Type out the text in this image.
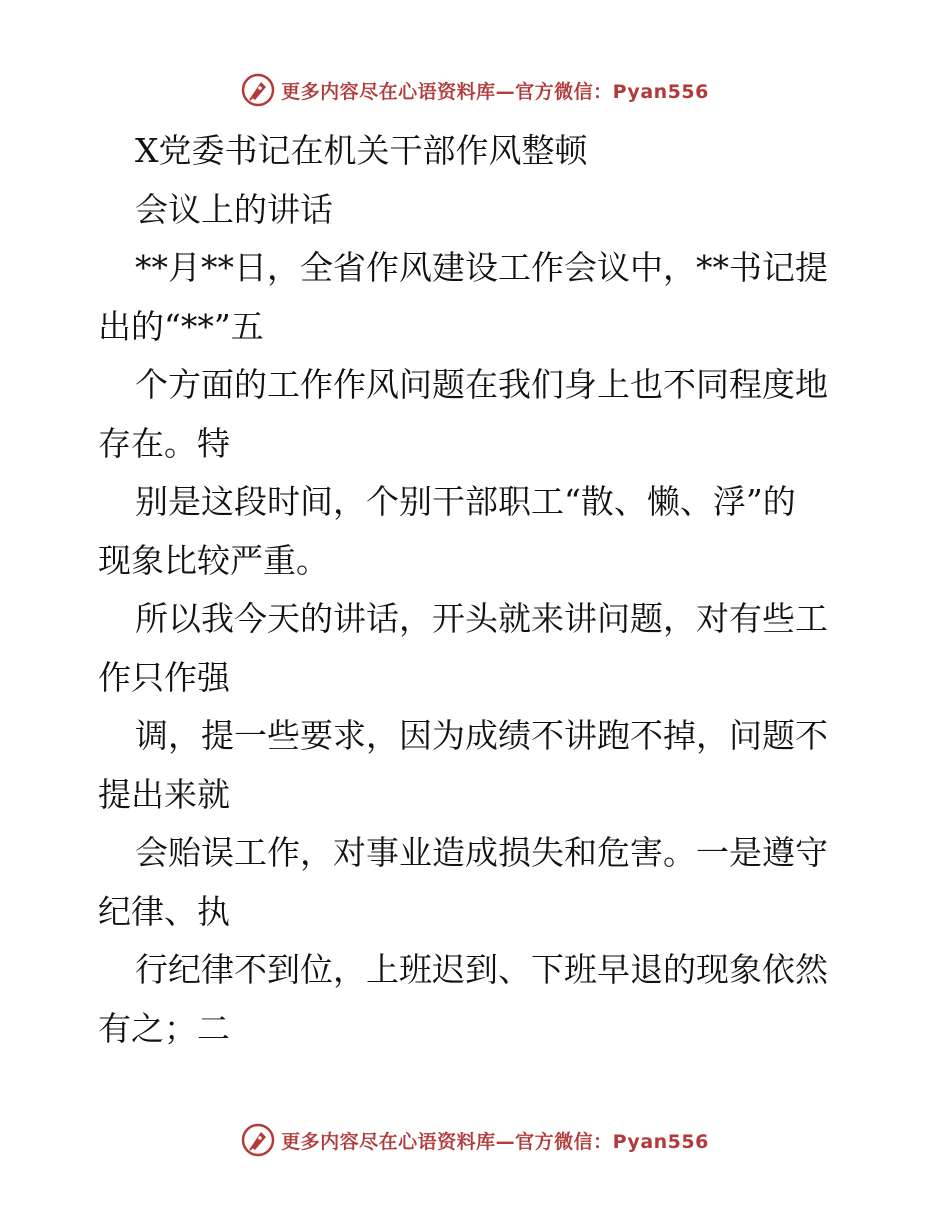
更多内容尽在心语资料库—官方微信：Pyan556
X党委书记在机关干部作风整顿
会议上的讲话
**月**日，全省作风建设工作会议中，**书记提
出的“**”五
个方面的工作作风问题在我们身上也不同程度地
存在。特
别是这段时间，个别干部职工“散、懒、浮”的
现象比较严重。
所以我今天的讲话，开头就来讲问题，对有些工
作只作强
调，提一些要求，因为成绩不讲跑不掉，问题不
提出来就
会贻误工作，对事业造成损失和危害。一是遵守
纪律、执
行纪律不到位，上班迟到、下班早退的现象依然
有之；二
更多内容尽在心语资料库—官方微信：Pyan556
